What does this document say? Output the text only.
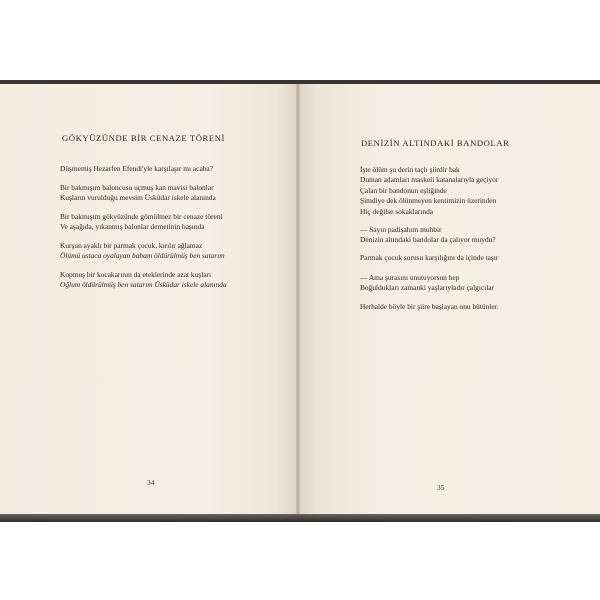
GÖKYÜZÜNDE BİR CENAZE TÖRENİ
Düşmemiş Hezarfen Efendi'yle karşılaşır mı acaba?
Bir bakmışım baloncusu uçmuş kan mavisi balonlar
Kuşların vurulduğu mevsim Üsküdar iskele alanında
Bir bakmışım gökyüzünde gömülmez bir cenaze töreni
Ve aşağıda, yıkanmış balonlar demetinin başında
Kurşun ayaklı bir parmak çocuk, kırılır ağlamaz
Ölümü ustaca oyalayan babam öldürülmüş ben satarım
Kopmuş bir kocakarının da eteklerinde azat kuşları
Oğlum öldürülmüş ben satarım Üsküdar iskele alanında
34
DENİZİN ALTINDAKİ BANDOLAR
İşte ölüm şu derin taçlı şiirdir bak
Duman adamları maskeli katanalarıyla geçiyor
Çalan bir bandonun eşliğinde
Şimdiye dek ölünmeyen kentimizin üzerinden
Hiç değilse sokaklarında
— Sayın padişahım muhbir
Denizin altındaki bandolar da çalıyor muydu?
Parmak çocuk sorusu karşılığını da içinde taşır
— Ama şurasını unutuyorsun hep
Boğuldukları zamanki yaşlarıyladır çalgıcılar
Herhalde böyle bir şiire başlayan onu bütünler.
35
